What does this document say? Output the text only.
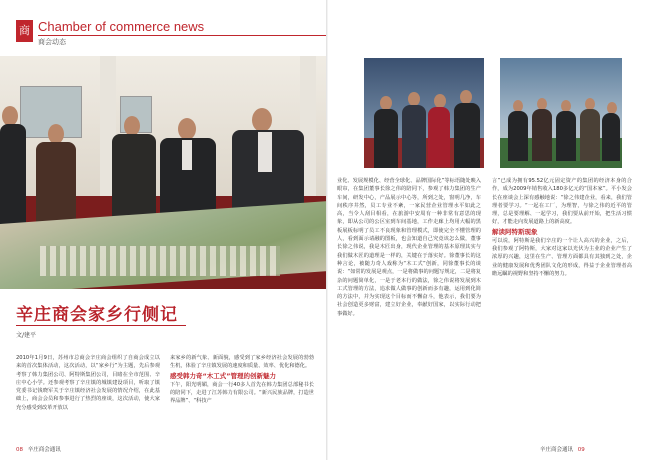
商 Chamber of commerce news
商会动态
辛庄商会家乡行侧记
文/建平
2010年1月9日，苏州市总商会辛庄商会组织了自商会成立以来的首次集体活动，这次活动，以“家乡行”为主题，先后参观考察了韩力集团公司、阿特斯集团公司，目睹在全市范围、辛庄中心小学。还参观考察了辛庄镇的城镇建设项目，听取了镇党委书记钱晓军关于辛庄镇经济社会发展的情况介绍，在此基础上，商会会员和参事进行了热烈的座谈，这次活动，使大家充分感受到改革开放以
来家乡的新气象、新面貌，感受到了家乡经济社会发展的勃勃生机，体验了辛庄镇发展的速度和质量、效率、优化和德化。
感受韩力奇“木工式”管理的创新魅力
下午，阳光明媚，商会一行40多人首先在韩力集团总部秘书长的陪同下，走进了江苏韩力有限公司。“新兴民族品牌，打造世界品牌”、“科技产
08 辛庄商会通讯
业化、发展规模化、经营全球化、品牌国际化”等标语随处映入眼帘，在集团董事长徐之伟的陪同下，参观了韩力集团的生产车间，研发中心，产品展示中心等，所到之处，窗明几净，车间秩序井然，员工专业不紊，一家民营企业管理水平如此之高，当令人刮目相看，在旅游中安周有一种非常有意思的现象，即从公司的公区室到车间基地，工作走廊上均用大幅的黑板展板标明了员工不良现象和管理模式，即使完全不懂管理的人，看到面示请融的图板，也会知道自己究竟该怎么做，董事长徐之伟说，我是木匠出身，现代企业管理的基本原理其实与我们做木匠的道理是一样的，关键在于落实好。徐董事长的这种言论，被随力奇人戏称为“木工式”创新，同徐董事长的谈说：“如常的发展是观点，一是将做事的问题写规定，二是将复杂的问题简单化，一是于老本行的做法，徐之伟说将发展到木工式管理的方法，追求做人做事的创新而多有趣，运用到化简的方法中，并为实现这个目标而不懈奋斗，他表示，我们要为社会创造更多财富，建立好企业，奉献好国家，以实际行动把事做好。
言”已成为拥有95.52亿元固定资产的集团的经济本身的合作，成为2009年销售收入180多亿元的“国本家”。平小发会长在座谈会上深有感触地说：“徐之伟建企业，看来，我们管理者要学习。“一起在工厂，为理智，与徐之伟的近平的管理，总是要理解、一起学习，我们要从前开始，把生活习惯好，才能走向发展道路上的新高度。
解读阿特斯现象
可以说，阿特斯是我们辛庄的一个让人高兴的企业，之后，我们参观了阿特斯，大家对这家以光伏为主业的企业产生了浓厚的兴趣，这里在生产、管理方面都具有其独到之处，企业的健康发展和优秀团队文化的形成，得益于企业管理者高瞻远瞩的视野和坚持不懈的努力。
辛庄商会通讯 09
